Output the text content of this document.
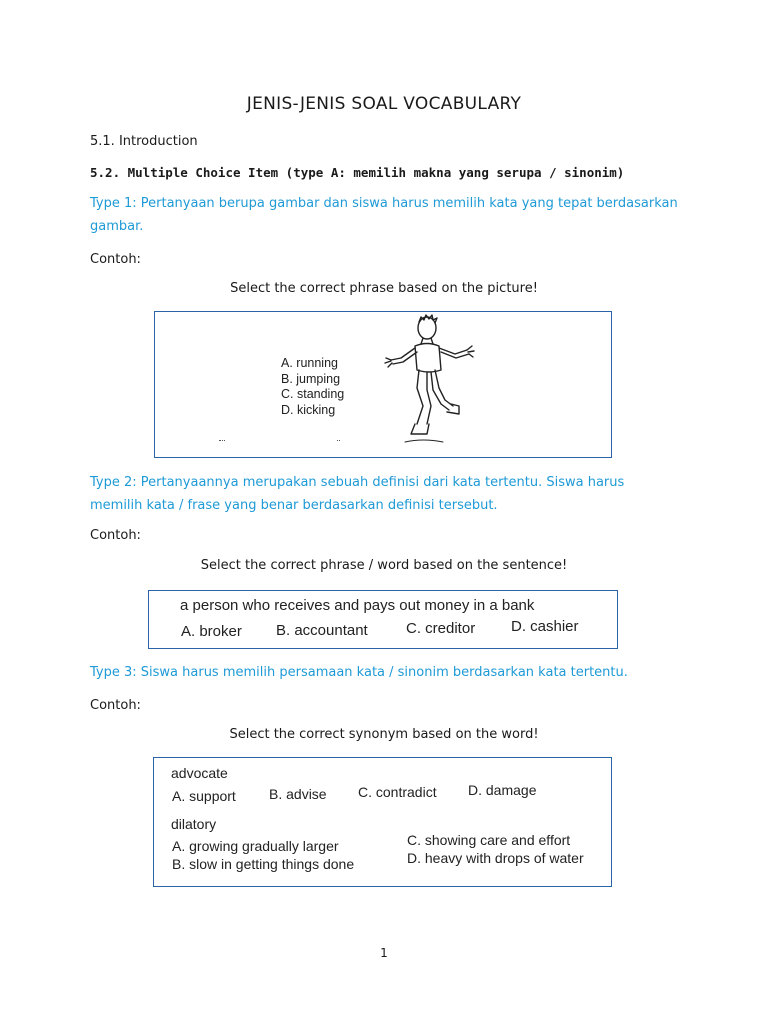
JENIS-JENIS SOAL VOCABULARY
5.1. Introduction
5.2. Multiple Choice Item (type A: memilih makna yang serupa / sinonim)
Type 1: Pertanyaan berupa gambar dan siswa harus memilih kata yang tepat berdasarkan gambar.
Contoh:
Select the correct phrase based on the picture!
A. running
B. jumping
C. standing
D. kicking
Type 2: Pertanyaannya merupakan sebuah definisi dari kata tertentu. Siswa harus memilih kata / frase yang benar berdasarkan definisi tersebut.
Contoh:
Select the correct phrase / word based on the sentence!
a person who receives and pays out money in a bank
A. broker B. accountant	C. creditor D. cashier
Type 3: Siswa harus memilih persamaan kata / sinonim berdasarkan kata tertentu.
Contoh:
Select the correct synonym based on the word!
advocate
A. support B. advise C. contradict D. damage
dilatory
A. growing gradually larger
B. slow in getting things done
C. showing care and effort
D. heavy with drops of water
1
